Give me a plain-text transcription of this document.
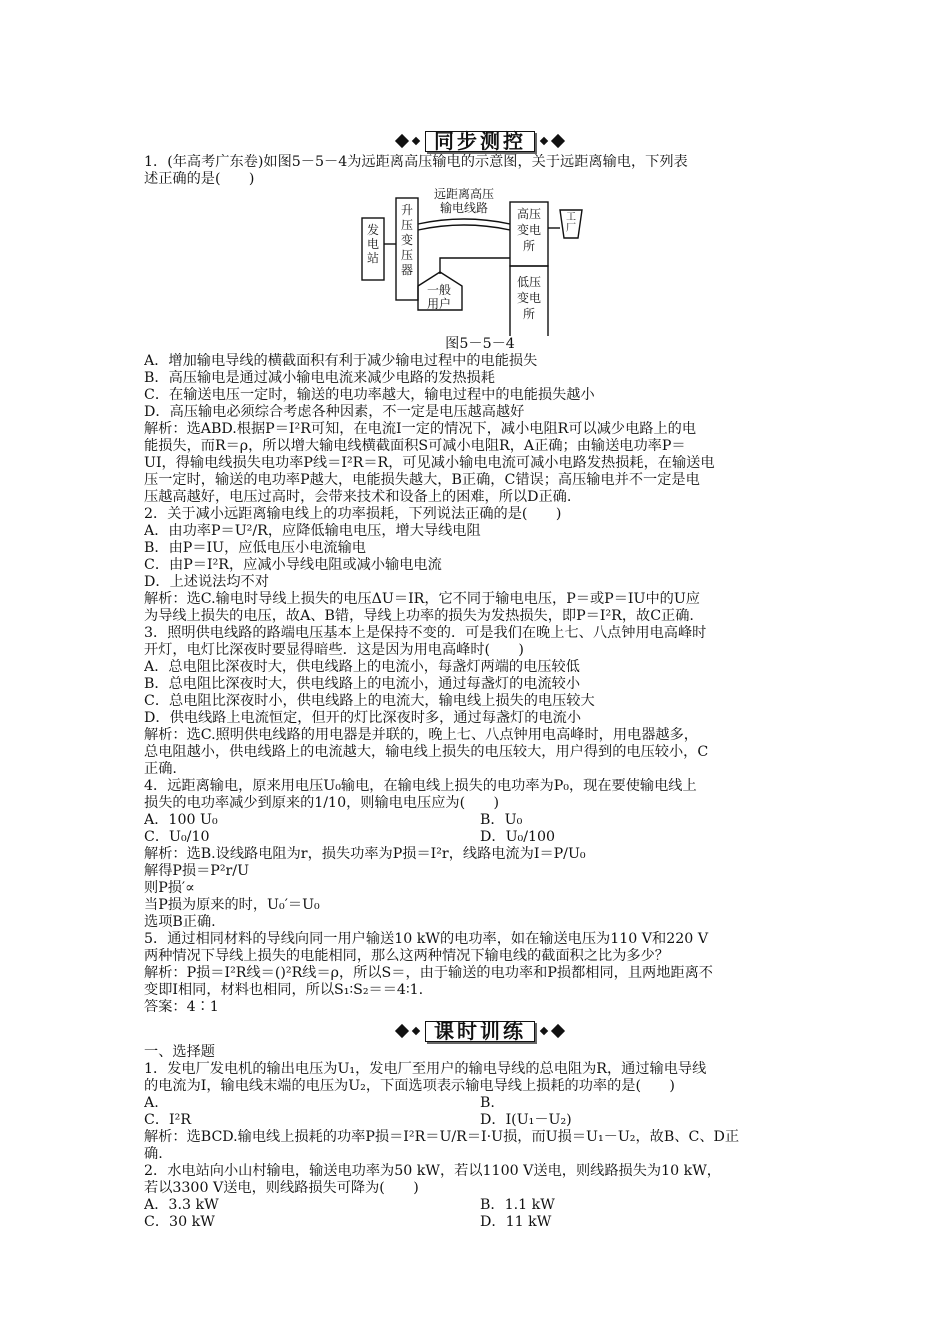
同步测控
1．(年高考广东卷)如图5－5－4为远距离高压输电的示意图，关于远距离输电，下列表
述正确的是(　　)
发电站
升压变压器
远距离高压
输电线路 高压变电所
工厂
低压变电所
一般用户
图5－5－4
A．增加输电导线的横截面积有利于减少输电过程中的电能损失
B．高压输电是通过减小输电电流来减少电路的发热损耗
C．在输送电压一定时，输送的电功率越大，输电过程中的电能损失越小
D．高压输电必须综合考虑各种因素，不一定是电压越高越好
解析：选ABD.根据P＝I²R可知，在电流I一定的情况下，减小电阻R可以减少电路上的电
能损失，而R＝ρ，所以增大输电线横截面积S可减小电阻R，A正确；由输送电功率P＝
UI，得输电线损失电功率P线＝I²R＝R，可见减小输电电流可减小电路发热损耗，在输送电
压一定时，输送的电功率P越大，电能损失越大，B正确，C错误；高压输电并不一定是电
压越高越好，电压过高时，会带来技术和设备上的困难，所以D正确.
2．关于减小远距离输电线上的功率损耗，下列说法正确的是(　　)
A．由功率P＝U²/R，应降低输电电压，增大导线电阻
B．由P＝IU，应低电压小电流输电
C．由P＝I²R，应减小导线电阻或减小输电电流
D．上述说法均不对
解析：选C.输电时导线上损失的电压ΔU＝IR，它不同于输电电压，P＝或P＝IU中的U应
为导线上损失的电压，故A、B错，导线上功率的损失为发热损失，即P＝I²R，故C正确.
3．照明供电线路的路端电压基本上是保持不变的．可是我们在晚上七、八点钟用电高峰时
开灯，电灯比深夜时要显得暗些．这是因为用电高峰时(　　)
A．总电阻比深夜时大，供电线路上的电流小，每盏灯两端的电压较低
B．总电阻比深夜时大，供电线路上的电流小，通过每盏灯的电流较小
C．总电阻比深夜时小，供电线路上的电流大，输电线上损失的电压较大
D．供电线路上电流恒定，但开的灯比深夜时多，通过每盏灯的电流小
解析：选C.照明供电线路的用电器是并联的，晚上七、八点钟用电高峰时，用电器越多，
总电阻越小，供电线路上的电流越大，输电线上损失的电压较大，用户得到的电压较小，C
正确.
4．远距离输电，原来用电压U₀输电，在输电线上损失的电功率为P₀，现在要使输电线上
损失的电功率减少到原来的1/10，则输电电压应为(　　)
A．100 U₀	B．U₀
C．U₀/10	D．U₀/100
解析：选B.设线路电阻为r，损失功率为P损＝I²r，线路电流为I＝P/U₀
解得P损＝P²r/U
则P损′∝
当P损为原来的时，U₀′＝U₀
选项B正确.
5．通过相同材料的导线向同一用户输送10 kW的电功率，如在输送电压为110 V和220 V
两种情况下导线上损失的电能相同，那么这两种情况下输电线的截面积之比为多少？
解析：P损＝I²R线＝()²R线＝ρ，所以S＝，由于输送的电功率和P损都相同，且两地距离不
变即I相同，材料也相同，所以S₁∶S₂＝＝4∶1.
答案：4∶1
课时训练
一、选择题
1．发电厂发电机的输出电压为U₁，发电厂至用户的输电导线的总电阻为R，通过输电导线
的电流为I，输电线末端的电压为U₂，下面选项表示输电导线上损耗的功率的是(　　)
A.	B.
C．I²R	D．I(U₁－U₂)
解析：选BCD.输电线上损耗的功率P损＝I²R＝U/R＝I·U损，而U损＝U₁－U₂，故B、C、D正
确.
2．水电站向小山村输电，输送电功率为50 kW，若以1100 V送电，则线路损失为10 kW，
若以3300 V送电，则线路损失可降为(　　)
A．3.3 kW	B．1.1 kW
C．30 kW	D．11 kW
